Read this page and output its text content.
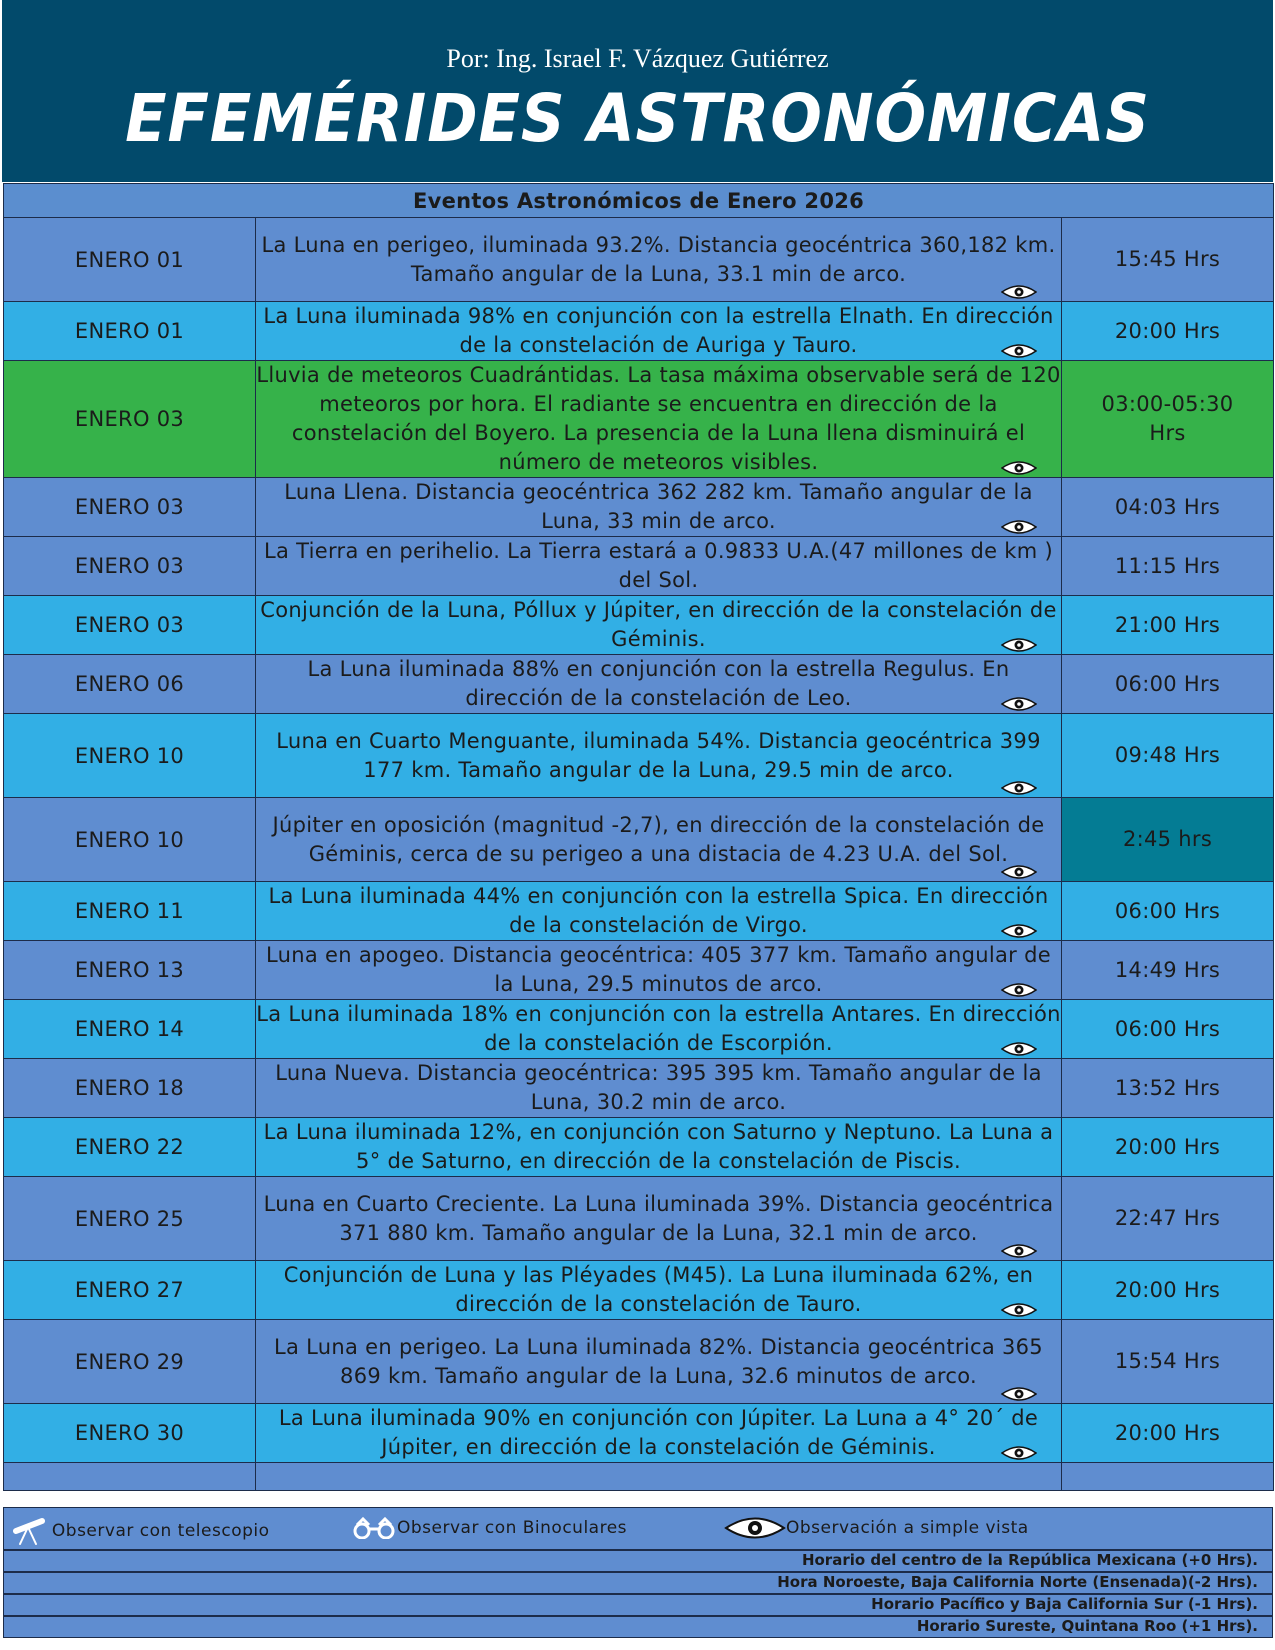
Por: Ing. Israel F. Vázquez Gutiérrez
EFEMÉRIDES ASTRONÓMICAS
Eventos Astronómicos de Enero 2026		
ENERO 01	La Luna en perigeo, iluminada 93.2%. Distancia geocéntrica 360,182 km. Tamaño angular de la Luna, 33.1 min de arco.	15:45 Hrs
ENERO 01	La Luna iluminada 98% en conjunción con la estrella Elnath. En dirección de la constelación de Auriga y Tauro.	20:00 Hrs
ENERO 03	Lluvia de meteoros Cuadrántidas. La tasa máxima observable será de 120 meteoros por hora. El radiante se encuentra en dirección de la constelación del Boyero. La presencia de la Luna llena disminuirá el número de meteoros visibles.	03:00-05:30 Hrs
ENERO 03	Luna Llena. Distancia geocéntrica 362 282 km. Tamaño angular de la Luna, 33 min de arco.	04:03 Hrs
ENERO 03	La Tierra en perihelio. La Tierra estará a 0.9833 U.A.(47 millones de km ) del Sol.	11:15 Hrs
ENERO 03	Conjunción de la Luna, Póllux y Júpiter, en dirección de la constelación de Géminis.	21:00 Hrs
ENERO 06	La Luna iluminada 88% en conjunción con la estrella Regulus. En dirección de la constelación de Leo.	06:00 Hrs
ENERO 10	Luna en Cuarto Menguante, iluminada 54%. Distancia geocéntrica 399 177 km. Tamaño angular de la Luna, 29.5 min de arco.	09:48 Hrs
ENERO 10	Júpiter en oposición (magnitud -2,7), en dirección de la constelación de Géminis, cerca de su perigeo a una distacia de 4.23 U.A. del Sol.	2:45 hrs
ENERO 11	La Luna iluminada 44% en conjunción con la estrella Spica. En dirección de la constelación de Virgo.	06:00 Hrs
ENERO 13	Luna en apogeo. Distancia geocéntrica: 405 377 km. Tamaño angular de la Luna, 29.5 minutos de arco.	14:49 Hrs
ENERO 14	La Luna iluminada 18% en conjunción con la estrella Antares. En dirección de la constelación de Escorpión.	06:00 Hrs
ENERO 18	Luna Nueva. Distancia geocéntrica: 395 395 km. Tamaño angular de la Luna, 30.2 min de arco.	13:52 Hrs
ENERO 22	La Luna iluminada 12%, en conjunción con Saturno y Neptuno. La Luna a 5° de Saturno, en dirección de la constelación de Piscis.	20:00 Hrs
ENERO 25	Luna en Cuarto Creciente. La Luna iluminada 39%. Distancia geocéntrica 371 880 km. Tamaño angular de la Luna, 32.1 min de arco.	22:47 Hrs
ENERO 27	Conjunción de Luna y las Pléyades (M45). La Luna iluminada 62%, en dirección de la constelación de Tauro.	20:00 Hrs
ENERO 29	La Luna en perigeo. La Luna iluminada 82%. Distancia geocéntrica 365 869 km. Tamaño angular de la Luna, 32.6 minutos de arco.	15:54 Hrs
ENERO 30	La Luna iluminada 90% en conjunción con Júpiter. La Luna a 4° 20´ de Júpiter, en dirección de la constelación de Géminis.	20:00 Hrs

Observar con telescopio	Observar con Binoculares	Observación a simple vista
Horario del centro de la República Mexicana (+0 Hrs).
Hora Noroeste, Baja California Norte (Ensenada)(-2 Hrs).
Horario Pacífico y Baja California Sur (-1 Hrs).
Horario Sureste, Quintana Roo (+1 Hrs).
